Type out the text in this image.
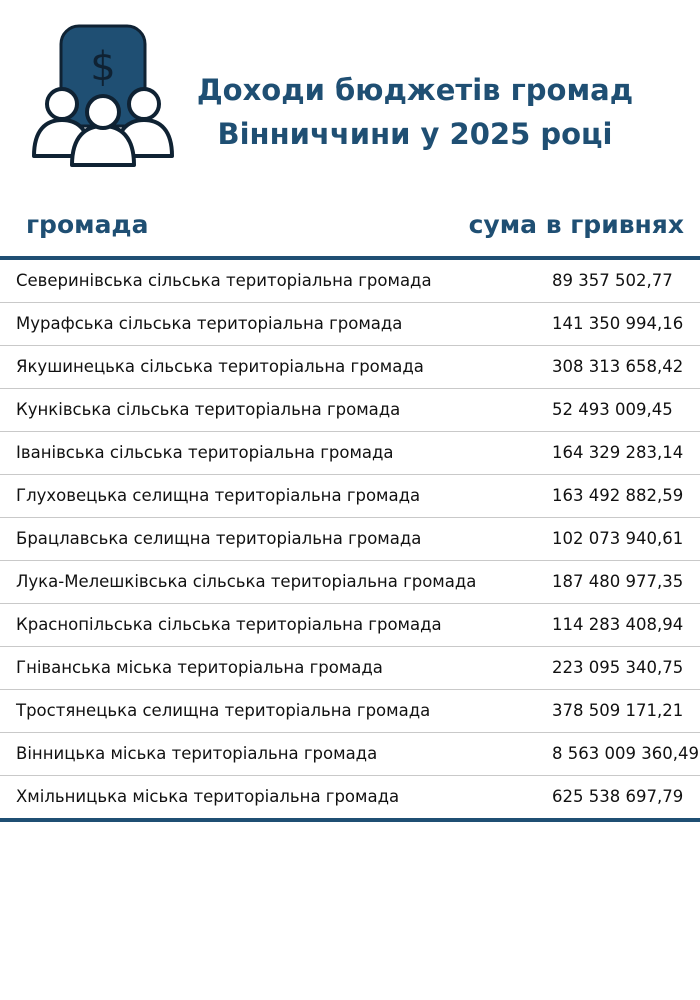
$	Доходи бюджетів громад
Вінниччини у 2025 році
громада	сума в гривнях
Северинівська сільська територіальна громада	89 357 502,77
Мурафська сільська територіальна громада	141 350 994,16
Якушинецька сільська територіальна громада	308 313 658,42
Кунківська сільська територіальна громада	52 493 009,45
Іванівська сільська територіальна громада	164 329 283,14
Глуховецька селищна територіальна громада	163 492 882,59
Брацлавська селищна територіальна громада	102 073 940,61
Лука-Мелешківська сільська територіальна громада	187 480 977,35
Краснопільська сільська територіальна громада	114 283 408,94
Гніванська міська територіальна громада	223 095 340,75
Тростянецька селищна територіальна громада	378 509 171,21
Вінницька міська територіальна громада	8 563 009 360,49
Хмільницька міська територіальна громада	625 538 697,79
